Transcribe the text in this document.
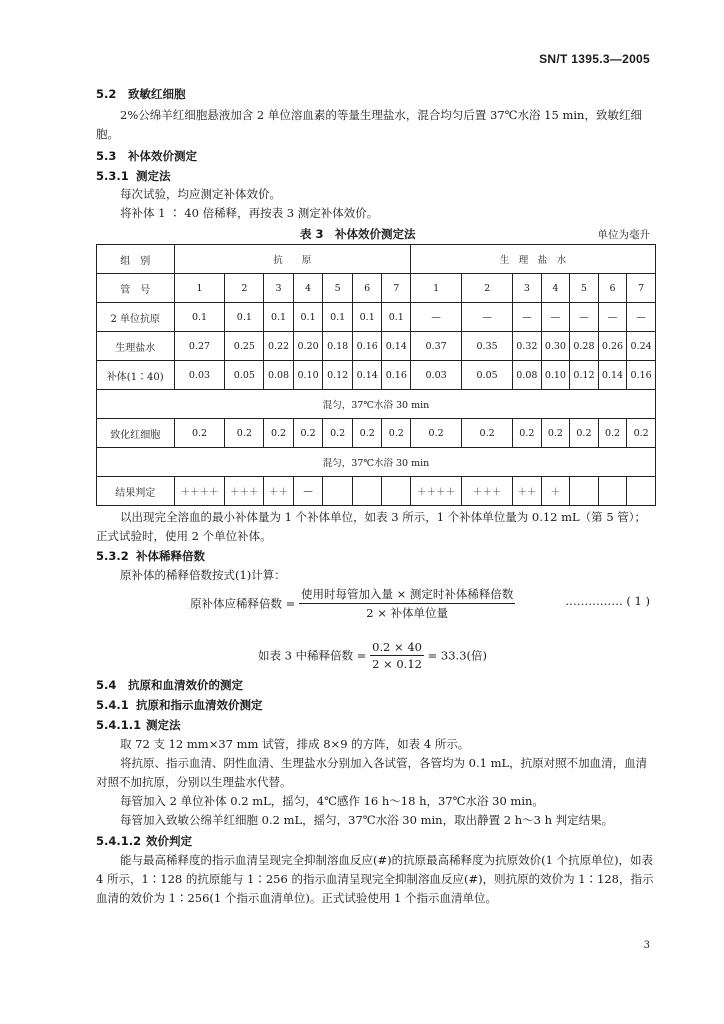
SN/T 1395.3—2005
5.2 致敏红细胞
2%公绵羊红细胞悬液加含 2 单位溶血素的等量生理盐水，混合均匀后置 37℃水浴 15 min，致敏红细胞。
5.3 补体效价测定
5.3.1 测定法
每次试验，均应测定补体效价。
将补体 1 ∶ 40 倍稀释，再按表 3 测定补体效价。
表 3　补体效价测定法	单位为毫升
组　别	抗　　原							生　理　盐　水						
管　号	1	2	3	4	5	6	7	1	2	3	4	5	6	7
2 单位抗原	0.1	0.1	0.1	0.1	0.1	0.1	0.1	—	—	—	—	—	—	—
生理盐水	0.27	0.25	0.22	0.20	0.18	0.16	0.14	0.37	0.35	0.32	0.30	0.28	0.26	0.24
补体(1∶40)	0.03	0.05	0.08	0.10	0.12	0.14	0.16	0.03	0.05	0.08	0.10	0.12	0.14	0.16
混匀，37℃水浴 30 min														
致化红细胞	0.2	0.2	0.2	0.2	0.2	0.2	0.2	0.2	0.2	0.2	0.2	0.2	0.2	0.2
混匀，37℃水浴 30 min														
结果判定	＋＋＋＋	＋＋＋	＋＋	—				＋＋＋＋	＋＋＋	＋＋	＋			
以出现完全溶血的最小补体量为 1 个补体单位，如表 3 所示，1 个补体单位量为 0.12 mL（第 5 管）；正式试验时，使用 2 个单位补体。
5.3.2 补体稀释倍数
原补体的稀释倍数按式(1)计算：
原补体应稀释倍数 = $\frac{\text{使用时每管加入量 × 测定时补体稀释倍数}}{\text{2 × 补体单位量}}$	…………… ( 1 )
如表 3 中稀释倍数 = $\frac{0.2 \times 40}{2 \times 0.12} = 33.3$(倍)
5.4 抗原和血清效价的测定
5.4.1 抗原和指示血清效价测定
5.4.1.1 测定法
取 72 支 12 mm×37 mm 试管，排成 8×9 的方阵，如表 4 所示。
将抗原、指示血清、阴性血清、生理盐水分别加入各试管，各管均为 0.1 mL，抗原对照不加血清，血清对照不加抗原，分别以生理盐水代替。
每管加入 2 单位补体 0.2 mL，摇匀，4℃感作 16 h～18 h，37℃水浴 30 min。
每管加入致敏公绵羊红细胞 0.2 mL，摇匀，37℃水浴 30 min，取出静置 2 h～3 h 判定结果。
5.4.1.2 效价判定
能与最高稀释度的指示血清呈现完全抑制溶血反应(#)的抗原最高稀释度为抗原效价(1 个抗原单位)，如表 4 所示，1∶128 的抗原能与 1∶256 的指示血清呈现完全抑制溶血反应(#)，则抗原的效价为 1∶128，指示血清的效价为 1∶256(1 个指示血清单位)。正式试验使用 1 个指示血清单位。
3
